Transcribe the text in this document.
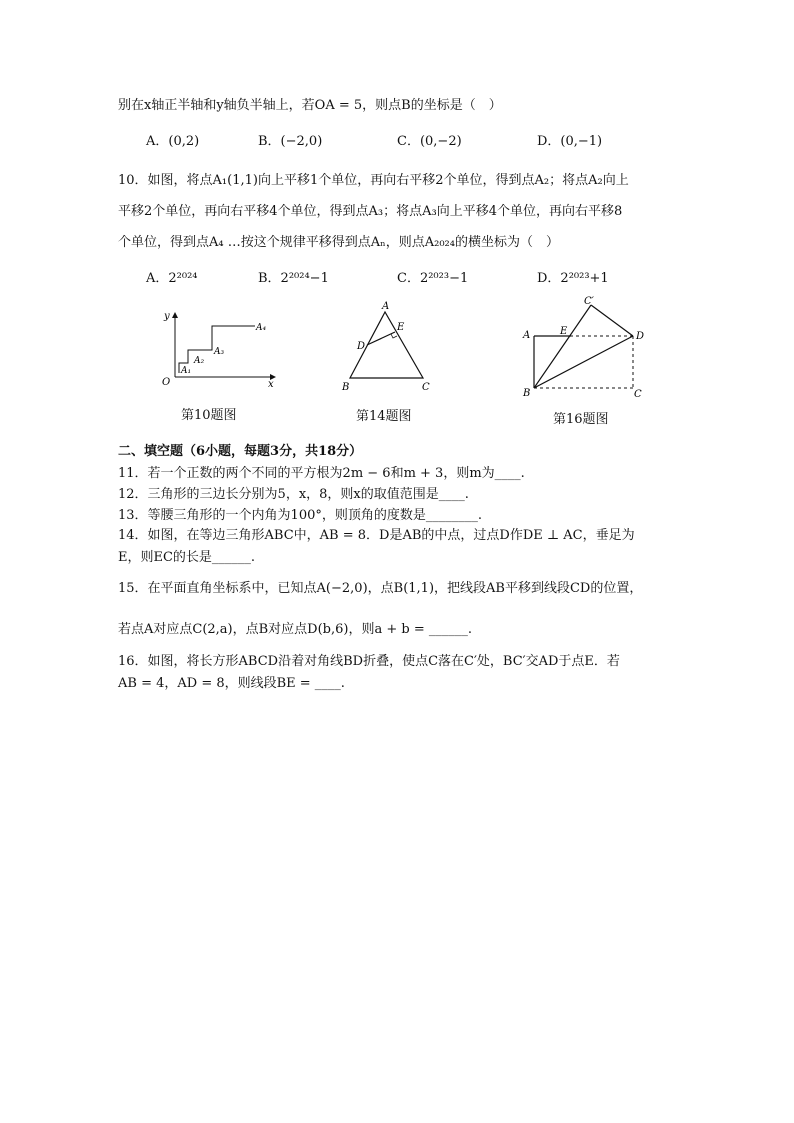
别在x轴正半轴和y轴负半轴上，若OA = 5，则点B的坐标是（　）
A．(0,2)	B．(−2,0)	C．(0,−2)	D．(0,−1)
10．如图，将点A₁(1,1)向上平移1个单位，再向右平移2个单位，得到点A₂；将点A₂向上
平移2个单位，再向右平移4个单位，得到点A₃；将点A₃向上平移4个单位，再向右平移8
个单位，得到点A₄ …按这个规律平移得到点Aₙ，则点A₂₀₂₄的横坐标为（　）
A．2²⁰²⁴	B．2²⁰²⁴−1	C．2²⁰²³−1	D．2²⁰²³+1
y
x
O
A₁
A₂
A₃
A₄
第10题图
A
B	C
D
E
第14题图
A
B	C
C′
D
E
第16题图
二、填空题（6小题，每题3分，共18分）
11．若一个正数的两个不同的平方根为2m − 6和m + 3，则m为____.
12．三角形的三边长分别为5，x，8，则x的取值范围是____.
13．等腰三角形的一个内角为100°，则顶角的度数是________.
14．如图，在等边三角形ABC中，AB = 8．D是AB的中点，过点D作DE ⊥ AC，垂足为
E，则EC的长是______.
15．在平面直角坐标系中，已知点A(−2,0)，点B(1,1)，把线段AB平移到线段CD的位置，
若点A对应点C(2,a)，点B对应点D(b,6)，则a + b = ______.
16．如图，将长方形ABCD沿着对角线BD折叠，使点C落在C′处，BC′交AD于点E．若
AB = 4，AD = 8，则线段BE = ____.
